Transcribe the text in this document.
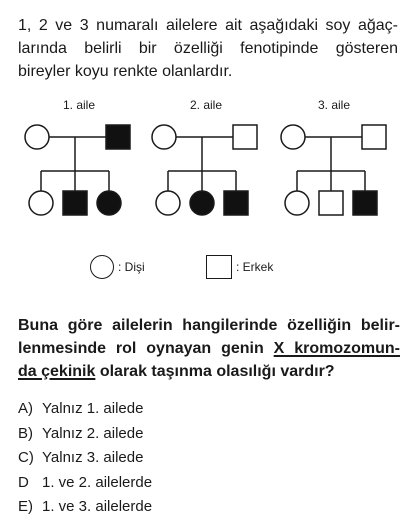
1, 2 ve 3 numaralı ailelere ait aşağıdaki soy ağaç-
larında belirli bir özelliği fenotipinde gösteren
bireyler koyu renkte olanlardır.

1. aile	2. aile	3. aile
: Dişi	: Erkek

Buna göre ailelerin hangilerinde özelliğin belir-
lenmesinde rol oynayan genin X kromozomun-
da çekinik olarak taşınma olasılığı vardır?

A) Yalnız 1. ailede
B) Yalnız 2. ailede
C) Yalnız 3. ailede
D 1. ve 2. ailelerde
E) 1. ve 3. ailelerde
